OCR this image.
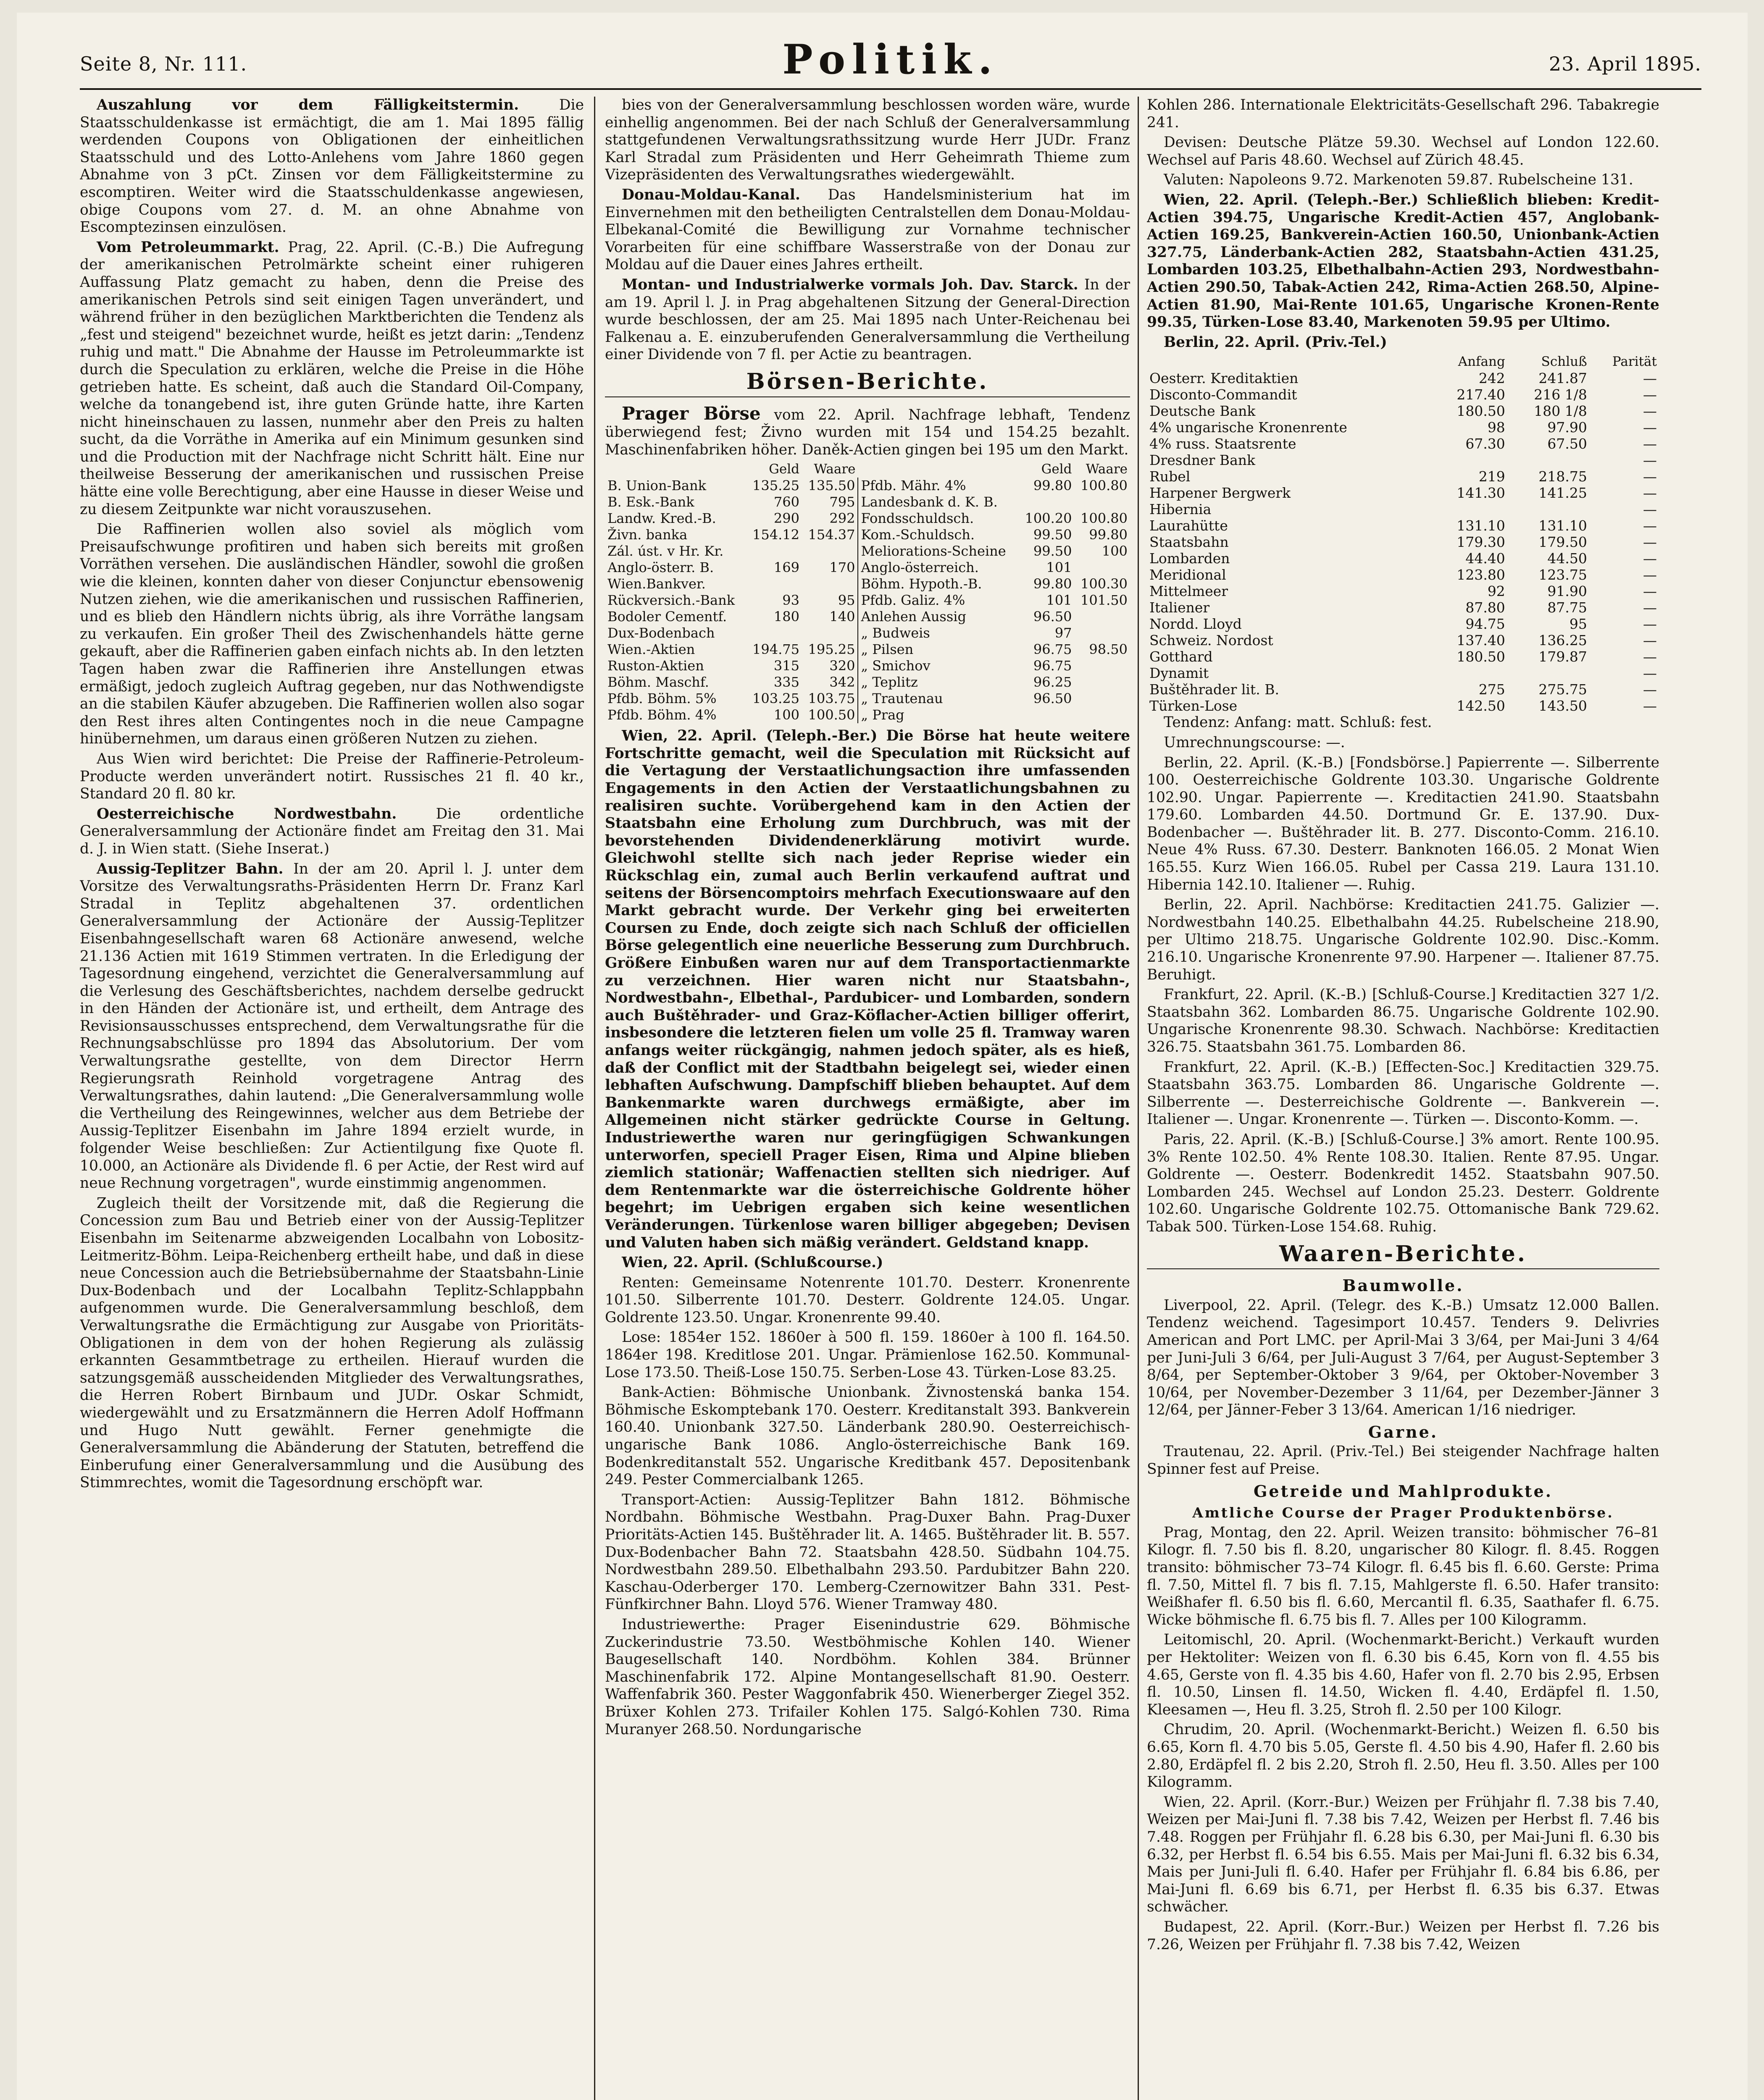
Seite 8, Nr. 111.	Politik.	23. April 1895.

Auszahlung vor dem Fälligkeitstermin.	Die Staatsschuldenkasse ist ermächtigt, die am 1. Mai 1895 fällig werdenden Coupons von Obligationen der einheitlichen Staatsschuld und des Lotto-Anlehens vom Jahre 1860 gegen Abnahme von 3 pCt. Zinsen vor dem Fälligkeitstermine zu escomptiren. Weiter wird die Staatsschuldenkasse angewiesen, obige Coupons vom 27. d. M. an ohne Abnahme von Escomptezinsen einzulösen.

Vom Petroleummarkt. Prag, 22. April. (C.-B.) Die Aufregung der amerikanischen Petrolmärkte scheint einer ruhigeren Auffassung Platz gemacht zu haben, denn die Preise des amerikanischen Petrols sind seit einigen Tagen unverändert, und während früher in den bezüglichen Marktberichten die Tendenz als „fest und steigend" bezeichnet wurde, heißt es jetzt darin: „Tendenz ruhig und matt." Die Abnahme der Hausse im Petroleummarkte ist durch die Speculation zu erklären, welche die Preise in die Höhe getrieben hatte. Es scheint, daß auch die Standard Oil-Company, welche da tonangebend ist, ihre guten Gründe hatte, ihre Karten nicht hineinschauen zu lassen, nunmehr aber den Preis zu halten sucht, da die Vorräthe in Amerika auf ein Minimum gesunken sind und die Production mit der Nachfrage nicht Schritt hält. Eine nur theilweise Besserung der amerikanischen und russischen Preise hätte eine volle Berechtigung, aber eine Hausse in dieser Weise und zu diesem Zeitpunkte war nicht vorauszusehen.

Die Raffinerien wollen also soviel als möglich vom Preisaufschwunge profitiren und haben sich bereits mit großen Vorräthen versehen. Die ausländischen Händler, sowohl die großen wie die kleinen, konnten daher von dieser Conjunctur ebensowenig Nutzen ziehen, wie die amerikanischen und russischen Raffinerien, und es blieb den Händlern nichts übrig, als ihre Vorräthe langsam zu verkaufen. Ein großer Theil des Zwischenhandels hätte gerne gekauft, aber die Raffinerien gaben einfach nichts ab. In den letzten Tagen haben zwar die Raffinerien ihre Anstellungen etwas ermäßigt, jedoch zugleich Auftrag gegeben, nur das Nothwendigste an die stabilen Käufer abzugeben. Die Raffinerien wollen also sogar den Rest ihres alten Contingentes noch in die neue Campagne hinübernehmen, um daraus einen größeren Nutzen zu ziehen.

Aus Wien wird berichtet: Die Preise der Raffinerie-Petroleum-Producte werden unverändert notirt. Russisches 21 fl. 40 kr., Standard 20 fl. 80 kr.

Oesterreichische Nordwestbahn.	Die ordentliche Generalversammlung der Actionäre findet am Freitag den 31. Mai d. J. in Wien statt. (Siehe Inserat.)

Aussig-Teplitzer Bahn. In der am 20. April l. J. unter dem Vorsitze des Verwaltungsraths-Präsidenten Herrn Dr. Franz Karl Stradal in Teplitz abgehaltenen 37. ordentlichen Generalversammlung der Actionäre der Aussig-Teplitzer Eisenbahngesellschaft waren 68 Actionäre anwesend, welche 21.136 Actien mit 1619 Stimmen vertraten. In die Erledigung der Tagesordnung eingehend, verzichtet die Generalversammlung auf die Verlesung des Geschäftsberichtes, nachdem derselbe gedruckt in den Händen der Actionäre ist, und ertheilt, dem Antrage des Revisionsausschusses entsprechend, dem Verwaltungsrathe für die Rechnungsabschlüsse pro 1894 das Absolutorium. Der vom Verwaltungsrathe gestellte, von dem Director Herrn Regierungsrath Reinhold vorgetragene Antrag des Verwaltungsrathes, dahin lautend: „Die Generalversammlung wolle die Vertheilung des Reingewinnes, welcher aus dem Betriebe der Aussig-Teplitzer Eisenbahn im Jahre 1894 erzielt wurde, in folgender Weise beschließen: Zur Actientilgung fixe Quote fl. 10.000, an Actionäre als Dividende fl. 6 per Actie, der Rest wird auf neue Rechnung vorgetragen", wurde einstimmig angenommen.

Zugleich theilt der Vorsitzende mit, daß die Regierung die Concession zum Bau und Betrieb einer von der Aussig-Teplitzer Eisenbahn im Seitenarme abzweigenden Localbahn von Lobositz-Leitmeritz-Böhm. Leipa-Reichenberg ertheilt habe, und daß in diese neue Concession auch die Betriebsübernahme der Staatsbahn-Linie Dux-Bodenbach und der Localbahn Teplitz-Schlappbahn aufgenommen wurde. Die Generalversammlung beschloß, dem Verwaltungsrathe die Ermächtigung zur Ausgabe von Prioritäts-Obligationen in dem von der hohen Regierung als zulässig erkannten Gesammtbetrage zu ertheilen. Hierauf wurden die satzungsgemäß ausscheidenden Mitglieder des Verwaltungsrathes, die Herren Robert Birnbaum und JUDr. Oskar Schmidt, wiedergewählt und zu Ersatzmännern die Herren Adolf Hoffmann und Hugo Nutt gewählt. Ferner genehmigte die Generalversammlung die Abänderung der Statuten, betreffend die Einberufung einer Generalversammlung und die Ausübung des Stimmrechtes, womit die Tagesordnung erschöpft war.

bies von der Generalversammlung beschlossen worden wäre, wurde einhellig angenommen. Bei der nach Schluß der Generalversammlung stattgefundenen Verwaltungsrathssitzung wurde Herr JUDr. Franz Karl Stradal zum Präsidenten und Herr Geheimrath Thieme zum Vizepräsidenten des Verwaltungsrathes wiedergewählt.

Donau-Moldau-Kanal. Das Handelsministerium hat im Einvernehmen mit den betheiligten Centralstellen dem Donau-Moldau-Elbekanal-Comité die Bewilligung zur Vornahme technischer Vorarbeiten für eine schiffbare Wasserstraße von der Donau zur Moldau auf die Dauer eines Jahres ertheilt.

Montan- und Industrialwerke vormals Joh. Dav. Starck. In der am 19. April l. J. in Prag abgehaltenen Sitzung der General-Direction wurde beschlossen, der am 25. Mai 1895 nach Unter-Reichenau bei Falkenau a. E. einzuberufenden Generalversammlung die Vertheilung einer Dividende von 7 fl. per Actie zu beantragen.

Börsen-Berichte.

Prager Börse vom 22. April. Nachfrage lebhaft, Tendenz überwiegend fest; Živno wurden mit 154 und 154.25 bezahlt. Maschinenfabriken höher. Daněk-Actien gingen bei 195 um den Markt.

	Geld	Waare		Geld	Waare
B. Union-Bank	135.25	135.50	Pfdb. Mähr. 4%	99.80	100.80
B. Esk.-Bank	760	795	Landesbank d. K. B.		
Landw. Kred.-B.	290	292	Fondsschuldsch.	100.20	100.80
Živn. banka	154.12	154.37	Kom.-Schuldsch.	99.50	99.80
Zál. úst. v Hr. Kr.			Meliorations-Scheine	99.50	100
Anglo-österr. B.	169	170	Anglo-österreich.	101	
Wien.Bankver.			Böhm. Hypoth.-B.	99.80	100.30
Rückversich.-Bank	93	95	Pfdb. Galiz. 4%	101	101.50
Bodoler Cementf.	180	140	Anlehen Aussig	96.50	
Dux-Bodenbach			„ Budweis	97	
Wien.-Aktien	194.75	195.25	„ Pilsen	96.75	98.50
Ruston-Aktien	315	320	„ Smichov	96.75	
Böhm. Maschf.	335	342	„ Teplitz	96.25	
Pfdb. Böhm. 5%	103.25	103.75	„ Trautenau	96.50	
Pfdb. Böhm. 4%	100	100.50	„ Prag		

Wien, 22. April. (Teleph.-Ber.) Die Börse hat heute weitere Fortschritte gemacht, weil die Speculation mit Rücksicht auf die Vertagung der Verstaatlichungsaction ihre umfassenden Engagements in den Actien der Verstaatlichungsbahnen zu realisiren suchte. Vorübergehend kam in den Actien der Staatsbahn eine Erholung zum Durchbruch, was mit der bevorstehenden Dividendenerklärung motivirt wurde. Gleichwohl stellte sich nach jeder Reprise wieder ein Rückschlag ein, zumal auch Berlin verkaufend auftrat und seitens der Börsencomptoirs mehrfach Executionswaare auf den Markt gebracht wurde. Der Verkehr ging bei erweiterten Coursen zu Ende, doch zeigte sich nach Schluß der officiellen Börse gelegentlich eine neuerliche Besserung zum Durchbruch. Größere Einbußen waren nur auf dem Transportactienmarkte zu verzeichnen. Hier waren nicht nur Staatsbahn-, Nordwestbahn-, Elbethal-, Pardubicer- und Lombarden, sondern auch Buštěhrader- und Graz-Köflacher-Actien billiger offerirt, insbesondere die letzteren fielen um volle 25 fl. Tramway waren anfangs weiter rückgängig, nahmen jedoch später, als es hieß, daß der Conflict mit der Stadtbahn beigelegt sei, wieder einen lebhaften Aufschwung. Dampfschiff blieben behauptet. Auf dem Bankenmarkte waren durchwegs ermäßigte, aber im Allgemeinen nicht stärker gedrückte Course in Geltung. Industriewerthe waren nur geringfügigen Schwankungen unterworfen, speciell Prager Eisen, Rima und Alpine blieben ziemlich stationär; Waffenactien stellten sich niedriger. Auf dem Rentenmarkte war die österreichische Goldrente höher begehrt; im Uebrigen ergaben sich keine wesentlichen Veränderungen. Türkenlose waren billiger abgegeben; Devisen und Valuten haben sich mäßig verändert. Geldstand knapp.

Wien, 22. April. (Schlußcourse.)

Renten: Gemeinsame Notenrente 101.70. Desterr. Kronenrente 101.50. Silberrente 101.70. Desterr. Goldrente 124.05. Ungar. Goldrente 123.50. Ungar. Kronenrente 99.40.

Lose: 1854er 152. 1860er à 500 fl. 159. 1860er à 100 fl. 164.50. 1864er 198. Kreditlose 201. Ungar. Prämienlose 162.50. Kommunal-Lose 173.50. Theiß-Lose 150.75. Serben-Lose 43. Türken-Lose 83.25.

Bank-Actien: Böhmische Unionbank. Živnostenská banka 154. Böhmische Eskomptebank 170. Oesterr. Kreditanstalt 393. Bankverein 160.40. Unionbank 327.50. Länderbank 280.90. Oesterreichisch-ungarische Bank 1086. Anglo-österreichische Bank 169. Bodenkreditanstalt 552. Ungarische Kreditbank 457. Depositenbank 249. Pester Commercialbank 1265.

Transport-Actien: Aussig-Teplitzer Bahn 1812. Böhmische Nordbahn. Böhmische Westbahn. Prag-Duxer Bahn. Prag-Duxer Prioritäts-Actien 145. Buštěhrader lit. A. 1465. Buštěhrader lit. B. 557. Dux-Bodenbacher Bahn 72. Staatsbahn 428.50. Südbahn 104.75. Nordwestbahn 289.50. Elbethalbahn 293.50. Pardubitzer Bahn 220. Kaschau-Oderberger 170. Lemberg-Czernowitzer Bahn 331. Pest-Fünfkirchner Bahn. Lloyd 576. Wiener Tramway 480.

Industriewerthe: Prager Eisenindustrie 629. Böhmische Zuckerindustrie 73.50. Westböhmische Kohlen 140. Wiener Baugesellschaft 140. Nordböhm. Kohlen 384. Brünner Maschinenfabrik 172. Alpine Montangesellschaft 81.90. Oesterr. Waffenfabrik 360. Pester Waggonfabrik 450. Wienerberger Ziegel 352. Brüxer Kohlen 273. Trifailer Kohlen 175. Salgó-Kohlen 730. Rima Muranyer 268.50. Nordungarische

Kohlen 286. Internationale Elektricitäts-Gesellschaft 296. Tabakregie 241.

Devisen: Deutsche Plätze 59.30. Wechsel auf London 122.60. Wechsel auf Paris 48.60. Wechsel auf Zürich 48.45.

Valuten: Napoleons 9.72. Markenoten 59.87. Rubelscheine 131.

Wien, 22. April. (Teleph.-Ber.) Schließlich blieben: Kredit-Actien 394.75, Ungarische Kredit-Actien 457, Anglobank-Actien 169.25, Bankverein-Actien 160.50, Unionbank-Actien 327.75, Länderbank-Actien 282, Staatsbahn-Actien 431.25, Lombarden 103.25, Elbethalbahn-Actien 293, Nordwestbahn-Actien 290.50, Tabak-Actien 242, Rima-Actien 268.50, Alpine-Actien 81.90, Mai-Rente 101.65, Ungarische Kronen-Rente 99.35, Türken-Lose 83.40, Markenoten 59.95 per Ultimo.

Berlin, 22. April. (Priv.-Tel.)

	Anfang	Schluß	Parität
Oesterr. Kreditaktien	242	241.87	—
Disconto-Commandit	217.40	216 1/8	—
Deutsche Bank	180.50	180 1/8	—
4% ungarische Kronenrente	98	97.90	—
4% russ. Staatsrente	67.30	67.50	—
Dresdner Bank			—
Rubel	219	218.75	—
Harpener Bergwerk	141.30	141.25	—
Hibernia			—
Laurahütte	131.10	131.10	—
Staatsbahn	179.30	179.50	—
Lombarden	44.40	44.50	—
Meridional	123.80	123.75	—
Mittelmeer	92	91.90	—
Italiener	87.80	87.75	—
Nordd. Lloyd	94.75	95	—
Schweiz. Nordost	137.40	136.25	—
Gotthard	180.50	179.87	—
Dynamit			—
Buštěhrader lit. B.	275	275.75	—
Türken-Lose	142.50	143.50	—

Tendenz: Anfang: matt. Schluß: fest.

Umrechnungscourse: —.

Berlin, 22. April. (K.-B.) [Fondsbörse.] Papierrente —. Silberrente 100. Oesterreichische Goldrente 103.30. Ungarische Goldrente 102.90. Ungar. Papierrente —. Kreditactien 241.90. Staatsbahn 179.60. Lombarden 44.50. Dortmund Gr. E. 137.90. Dux-Bodenbacher —. Buštěhrader lit. B. 277. Disconto-Comm. 216.10. Neue 4% Russ. 67.30. Desterr. Banknoten 166.05. 2 Monat Wien 165.55. Kurz Wien 166.05. Rubel per Cassa 219. Laura 131.10. Hibernia 142.10. Italiener —. Ruhig.

Berlin, 22. April. Nachbörse: Kreditactien 241.75. Galizier —. Nordwestbahn 140.25. Elbethalbahn 44.25. Rubelscheine 218.90, per Ultimo 218.75. Ungarische Goldrente 102.90. Disc.-Komm. 216.10. Ungarische Kronenrente 97.90. Harpener —. Italiener 87.75. Beruhigt.

Frankfurt, 22. April. (K.-B.) [Schluß-Course.] Kreditactien 327 1/2. Staatsbahn 362. Lombarden 86.75. Ungarische Goldrente 102.90. Ungarische Kronenrente 98.30. Schwach. Nachbörse: Kreditactien 326.75. Staatsbahn 361.75. Lombarden 86.

Frankfurt, 22. April. (K.-B.) [Effecten-Soc.] Kreditactien 329.75. Staatsbahn 363.75. Lombarden 86. Ungarische Goldrente —. Silberrente —. Desterreichische Goldrente —. Bankverein —. Italiener —. Ungar. Kronenrente —. Türken —. Disconto-Komm. —.

Paris, 22. April. (K.-B.) [Schluß-Course.] 3% amort. Rente 100.95. 3% Rente 102.50. 4% Rente 108.30. Italien. Rente 87.95. Ungar. Goldrente —. Oesterr. Bodenkredit 1452. Staatsbahn 907.50. Lombarden 245. Wechsel auf London 25.23. Desterr. Goldrente 102.60. Ungarische Goldrente 102.75. Ottomanische Bank 729.62. Tabak 500. Türken-Lose 154.68. Ruhig.

Waaren-Berichte.
Baumwolle.

Liverpool, 22. April. (Telegr. des K.-B.) Umsatz 12.000 Ballen. Tendenz weichend. Tagesimport 10.457. Tenders 9. Delivries American and Port LMC. per April-Mai 3 3/64, per Mai-Juni 3 4/64 per Juni-Juli 3 6/64, per Juli-August 3 7/64, per August-September 3 8/64, per September-Oktober 3 9/64, per Oktober-November 3 10/64, per November-Dezember 3 11/64, per Dezember-Jänner 3 12/64, per Jänner-Feber 3 13/64. American 1/16 niedriger.

Garne.

Trautenau, 22. April. (Priv.-Tel.) Bei steigender Nachfrage halten Spinner fest auf Preise.

Getreide und Mahlprodukte.
Amtliche Course der Prager Produktenbörse.

Prag, Montag, den 22. April. Weizen transito: böhmischer 76–81 Kilogr. fl. 7.50 bis fl. 8.20, ungarischer 80 Kilogr. fl. 8.45. Roggen transito: böhmischer 73–74 Kilogr. fl. 6.45 bis fl. 6.60. Gerste: Prima fl. 7.50, Mittel fl. 7 bis fl. 7.15, Mahlgerste fl. 6.50. Hafer transito: Weißhafer fl. 6.50 bis fl. 6.60, Mercantil fl. 6.35, Saathafer fl. 6.75. Wicke böhmische fl. 6.75 bis fl. 7. Alles per 100 Kilogramm.

Leitomischl, 20. April. (Wochenmarkt-Bericht.) Verkauft wurden per Hektoliter: Weizen von fl. 6.30 bis 6.45, Korn von fl. 4.55 bis 4.65, Gerste von fl. 4.35 bis 4.60, Hafer von fl. 2.70 bis 2.95, Erbsen fl. 10.50, Linsen fl. 14.50, Wicken fl. 4.40, Erdäpfel fl. 1.50, Kleesamen —, Heu fl. 3.25, Stroh fl. 2.50 per 100 Kilogr.

Chrudim, 20. April. (Wochenmarkt-Bericht.) Weizen fl. 6.50 bis 6.65, Korn fl. 4.70 bis 5.05, Gerste fl. 4.50 bis 4.90, Hafer fl. 2.60 bis 2.80, Erdäpfel fl. 2 bis 2.20, Stroh fl. 2.50, Heu fl. 3.50. Alles per 100 Kilogramm.

Wien, 22. April. (Korr.-Bur.) Weizen per Frühjahr fl. 7.38 bis 7.40, Weizen per Mai-Juni fl. 7.38 bis 7.42, Weizen per Herbst fl. 7.46 bis 7.48. Roggen per Frühjahr fl. 6.28 bis 6.30, per Mai-Juni fl. 6.30 bis 6.32, per Herbst fl. 6.54 bis 6.55. Mais per Mai-Juni fl. 6.32 bis 6.34, Mais per Juni-Juli fl. 6.40. Hafer per Frühjahr fl. 6.84 bis 6.86, per Mai-Juni fl. 6.69 bis 6.71, per Herbst fl. 6.35 bis 6.37. Etwas schwächer.

Budapest, 22. April. (Korr.-Bur.) Weizen per Herbst fl. 7.26 bis 7.26, Weizen per Frühjahr fl. 7.38 bis 7.42, Weizen
